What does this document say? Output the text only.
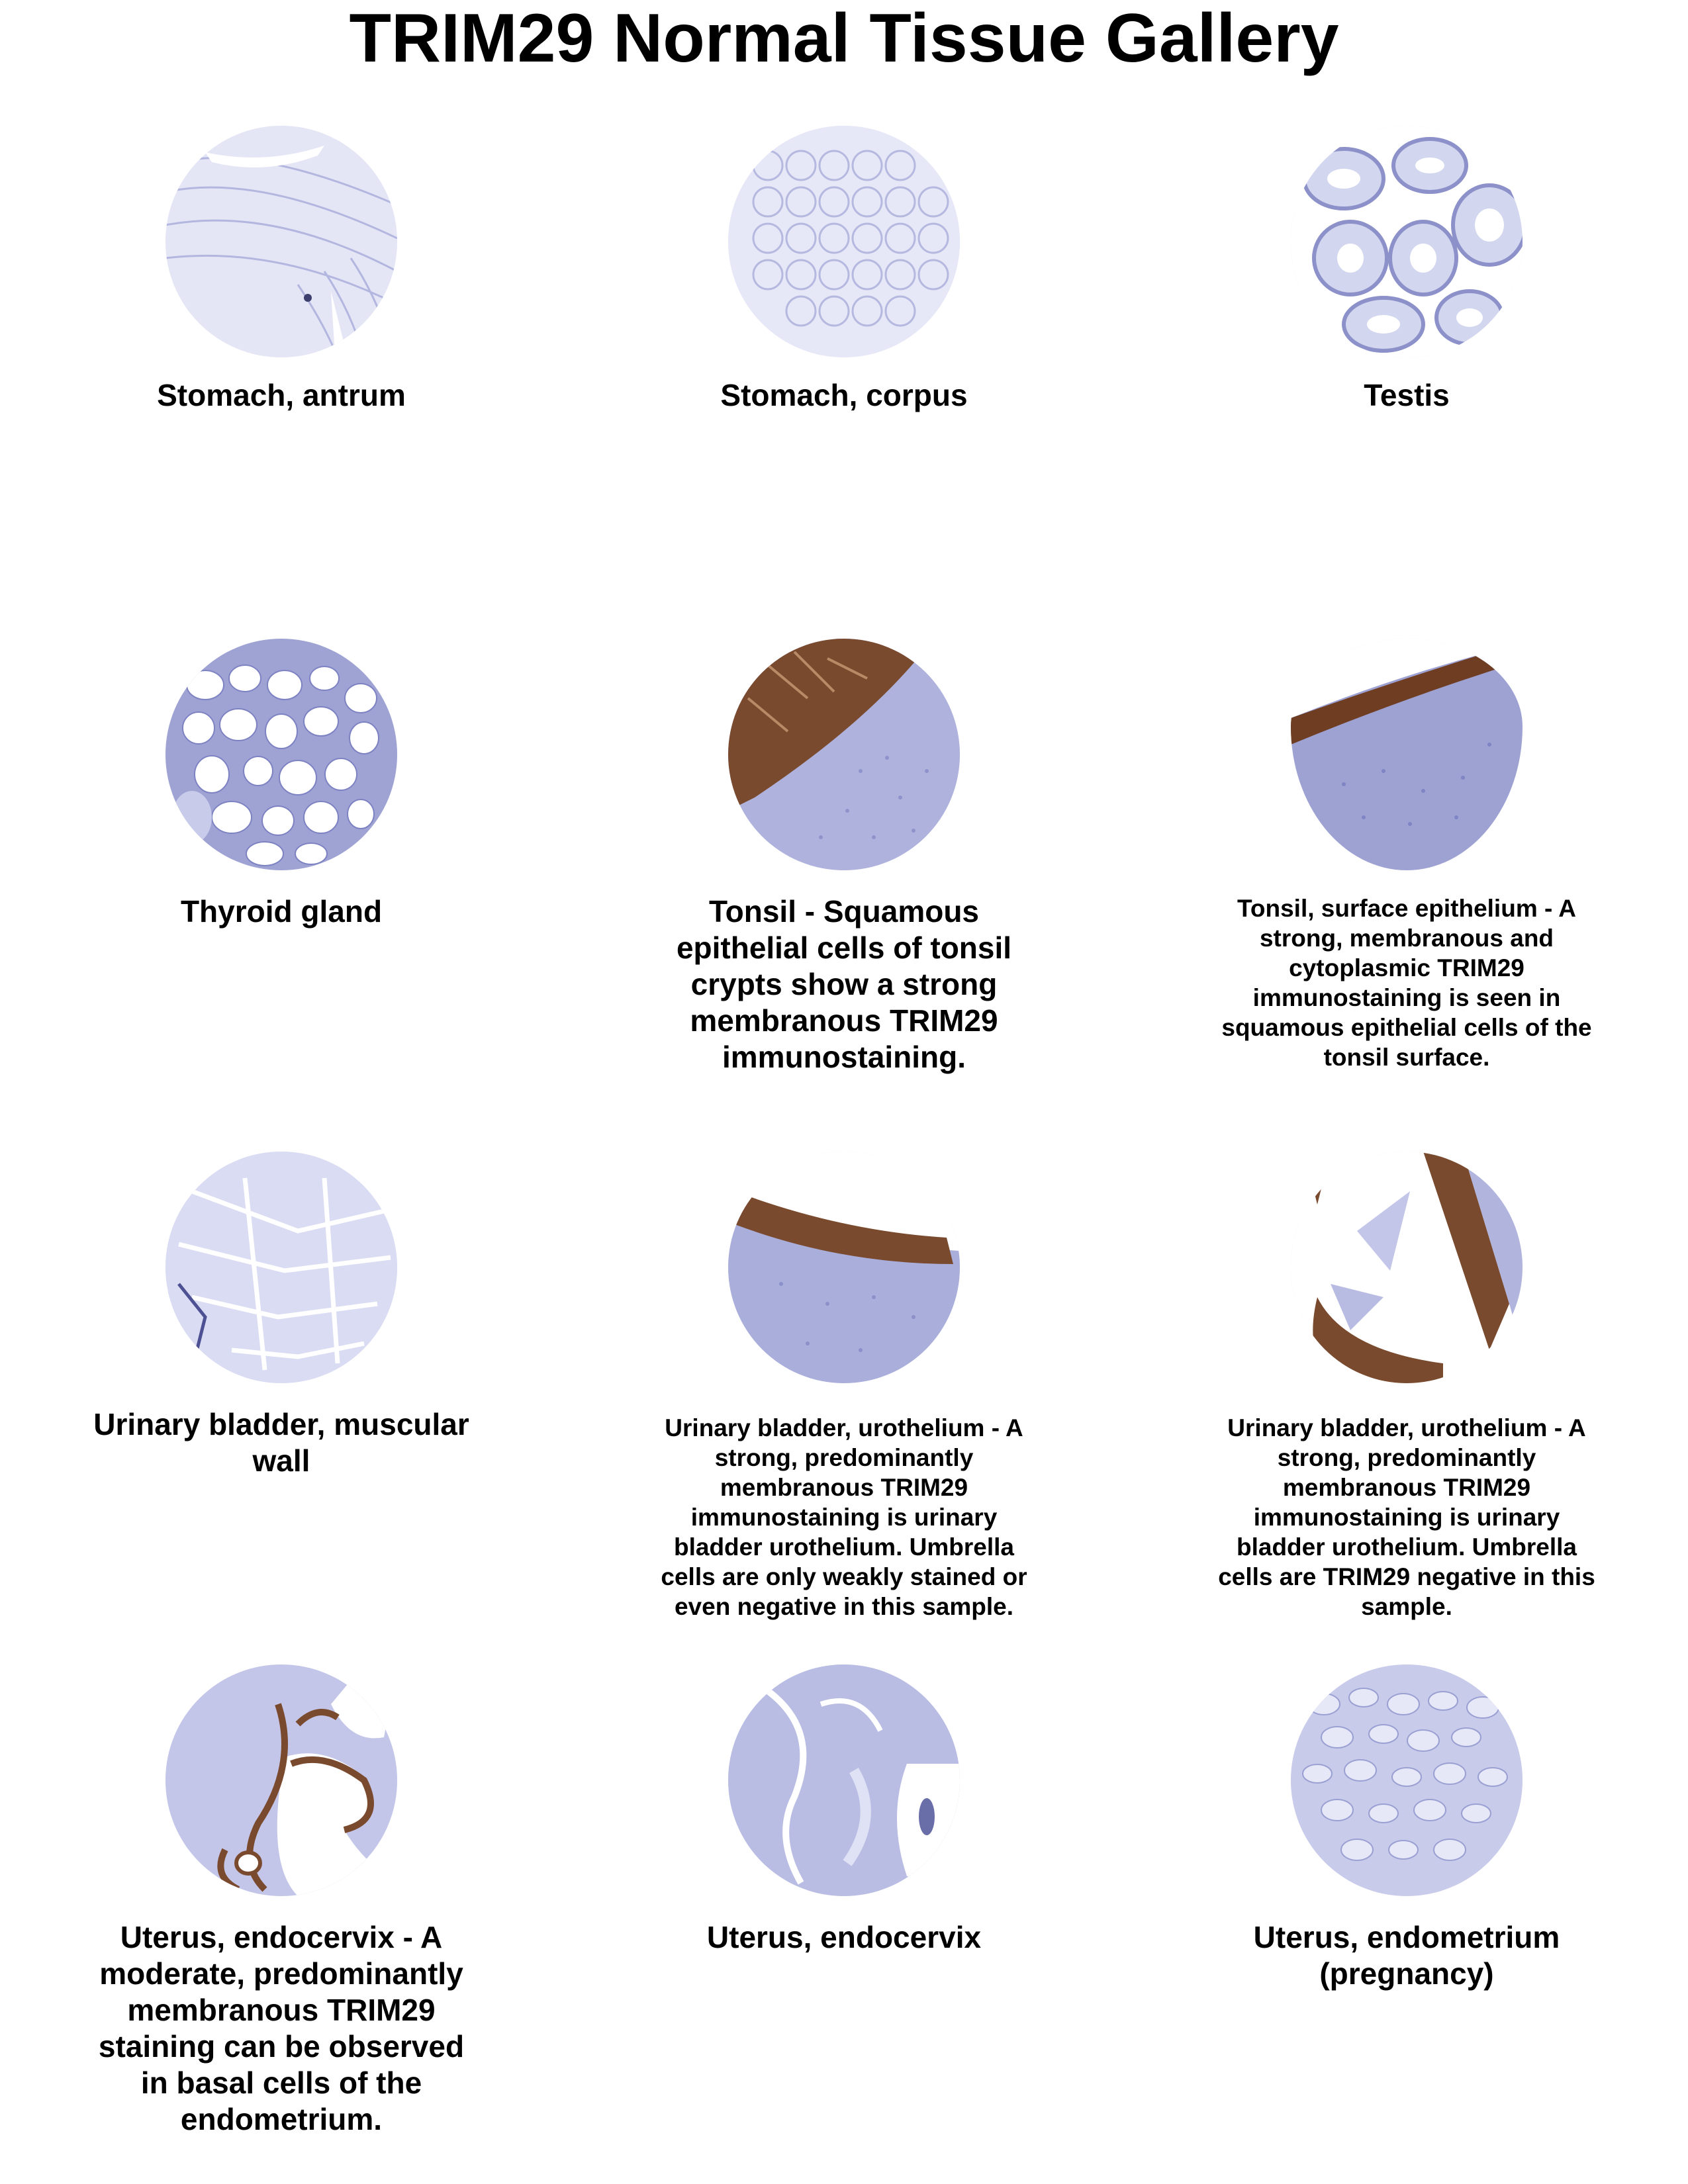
TRIM29 Normal Tissue Gallery
Stomach, antrum	Stomach, corpus	Testis
Thyroid gland	Tonsil - Squamous epithelial cells of tonsil crypts show a strong membranous TRIM29 immunostaining.
Tonsil, surface epithelium - A strong, membranous and cytoplasmic TRIM29 immunostaining is seen in squamous epithelial cells of the tonsil surface.
Urinary bladder, muscular wall
Urinary bladder, urothelium - A strong, predominantly membranous TRIM29 immunostaining is urinary bladder urothelium. Umbrella cells are only weakly stained or even negative in this sample.
Urinary bladder, urothelium - A strong, predominantly membranous TRIM29 immunostaining is urinary bladder urothelium. Umbrella cells are TRIM29 negative in this sample.
Uterus, endocervix - A moderate, predominantly membranous TRIM29 staining can be observed in basal cells of the endometrium.
Uterus, endocervix	Uterus, endometrium (pregnancy)
